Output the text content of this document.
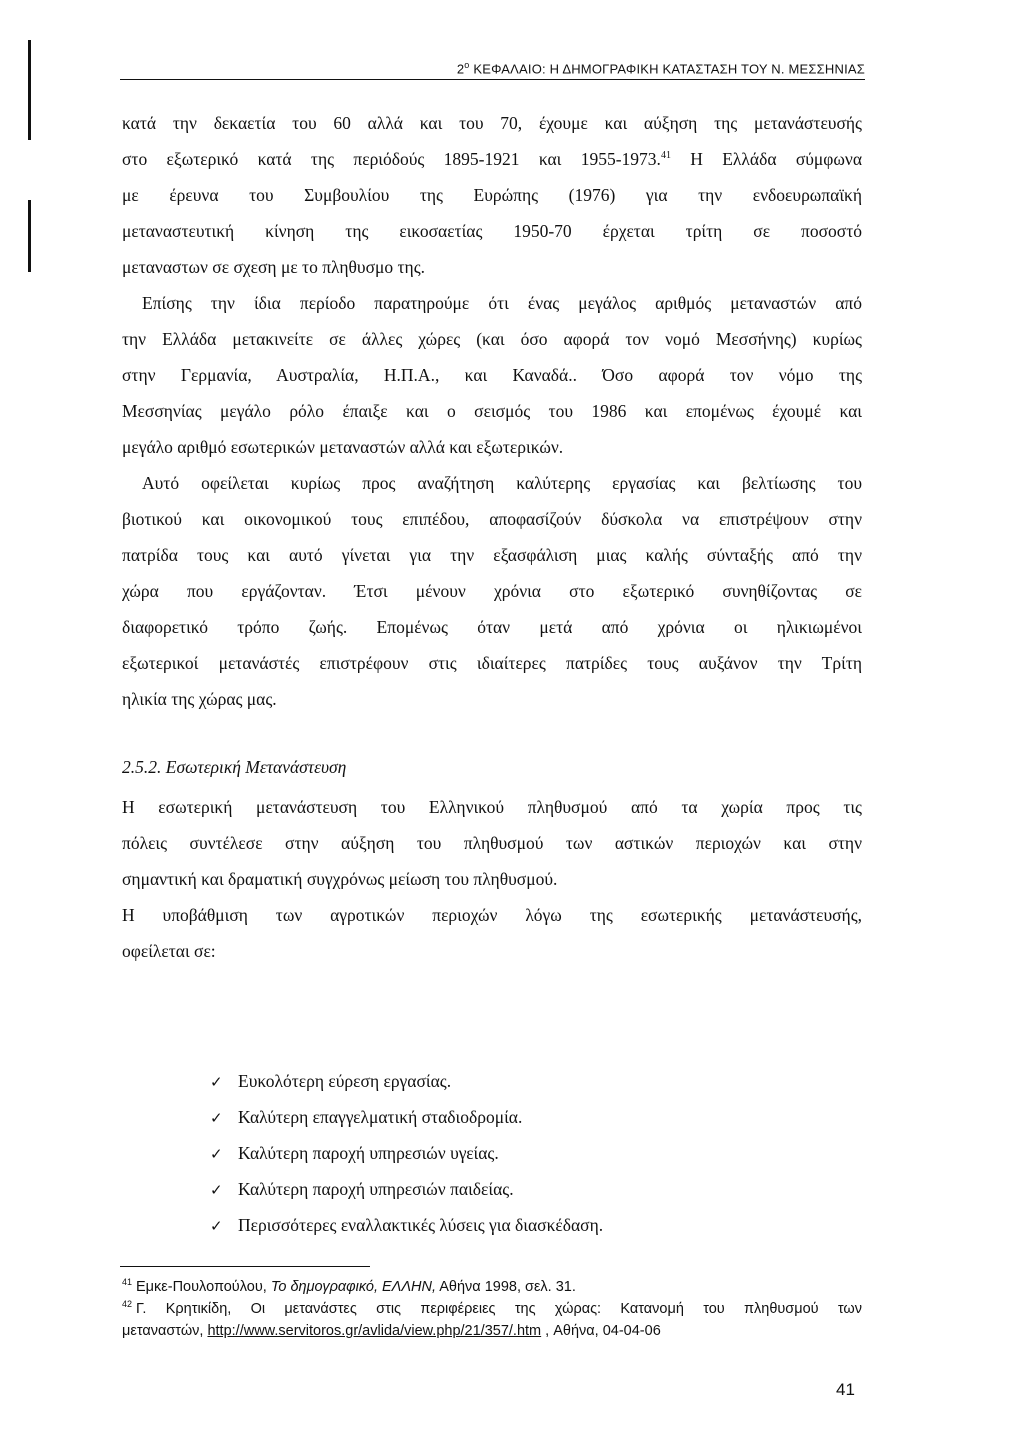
$2^o$ ΚΕΦΑΛΑΙΟ: Η ΔΗΜΟΓΡΑΦΙΚΗ ΚΑΤΑΣΤΑΣΗ ΤΟΥ Ν. ΜΕΣΣΗΝΙΑΣ
κατά την δεκαετία του 60 αλλά και του 70, έχουμε και αύξηση της μετανάστευσής
στο εξωτερικό κατά της περιόδούς 1895-1921 και 1955-1973.41 Η Ελλάδα σύμφωνα
με έρευνα του Συμβουλίου της Ευρώπης (1976) για την ενδοευρωπαϊκή
μεταναστευτική κίνηση της εικοσαετίας 1950-70 έρχεται τρίτη σε ποσοστό
μεταναστων σε σχεση με το πληθυσμο της.
Επίσης την ίδια περίοδο παρατηρούμε ότι ένας μεγάλος αριθμός μεταναστών από
την Ελλάδα μετακινείτε σε άλλες χώρες (και όσο αφορά τον νομό Μεσσήνης) κυρίως
στην Γερμανία, Αυστραλία, Η.Π.Α., και Καναδά.. Όσο αφορά τον νόμο της
Μεσσηνίας μεγάλο ρόλο έπαιξε και ο σεισμός του 1986 και επομένως έχουμέ και
μεγάλο αριθμό εσωτερικών μεταναστών αλλά και εξωτερικών.
Αυτό οφείλεται κυρίως προς αναζήτηση καλύτερης εργασίας και βελτίωσης του
βιοτικού και οικονομικού τους επιπέδου, αποφασίζούν δύσκολα να επιστρέψουν στην
πατρίδα τους και αυτό γίνεται για την εξασφάλιση μιας καλής σύνταξής από την
χώρα που εργάζονταν. Έτσι μένουν χρόνια στο εξωτερικό συνηθίζοντας σε
διαφορετικό τρόπο ζωής. Επομένως όταν μετά από χρόνια οι ηλικιωμένοι
εξωτερικοί μετανάστές επιστρέφουν στις ιδιαίτερες πατρίδες τους αυξάνον την Τρίτη
ηλικία της χώρας μας.
2.5.2. Εσωτερική Μετανάστευση
Η εσωτερική μετανάστευση του Ελληνικού πληθυσμού από τα χωρία προς τις
πόλεις συντέλεσε στην αύξηση του πληθυσμού των αστικών περιοχών και στην
σημαντική και δραματική συγχρόνως μείωση του πληθυσμού.
Η υποβάθμιση των αγροτικών περιοχών λόγω της εσωτερικής μετανάστευσής,
οφείλεται σε:
✓ Ευκολότερη εύρεση εργασίας.
✓ Καλύτερη επαγγελματική σταδιοδρομία.
✓ Καλύτερη παροχή υπηρεσιών υγείας.
✓ Καλύτερη παροχή υπηρεσιών παιδείας.
✓ Περισσότερες εναλλακτικές λύσεις για διασκέδαση.
$^{41}$ Εμκε-Πουλοπούλου, Το δημογραφικό, ΕΛΛΗΝ, Αθήνα 1998, σελ. 31.
$^{42}$ Γ. Κρητικίδη, Οι μετανάστες στις περιφέρειες της χώρας: Κατανομή του πληθυσμού των
μεταναστών, http://www.servitoros.gr/avlida/view.php/21/357/.htm , Αθήνα, 04-04-06
41
